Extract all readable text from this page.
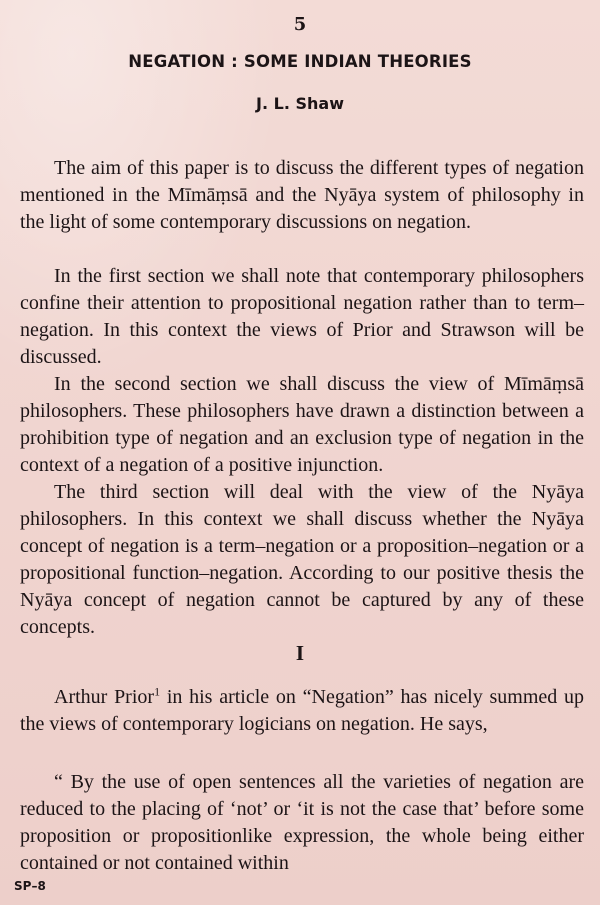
5
NEGATION : SOME INDIAN THEORIES
J. L. Shaw

The aim of this paper is to discuss the different types of negation mentioned in the Mīmāṃsā and the Nyāya system of philosophy in the light of some contemporary discussions on negation.

In the first section we shall note that contemporary philosophers confine their attention to propositional negation rather than to term–negation. In this context the views of Prior and Strawson will be discussed.

In the second section we shall discuss the view of Mīmāṃsā philosophers. These philosophers have drawn a distinction between a prohibition type of negation and an exclusion type of negation in the context of a negation of a positive injunction.

The third section will deal with the view of the Nyāya philosophers. In this context we shall discuss whether the Nyāya concept of negation is a term–negation or a proposition–negation or a propositional function–negation. According to our positive thesis the Nyāya concept of negation cannot be captured by any of these concepts.

I

Arthur Prior$^1$ in his article on “Negation” has nicely summed up the views of contemporary logicians on negation. He says,

“ By the use of open sentences all the varieties of negation are reduced to the placing of ‘not’ or ‘it is not the case that’ before some proposition or propositionlike expression, the whole being either contained or not contained within

SP–8
